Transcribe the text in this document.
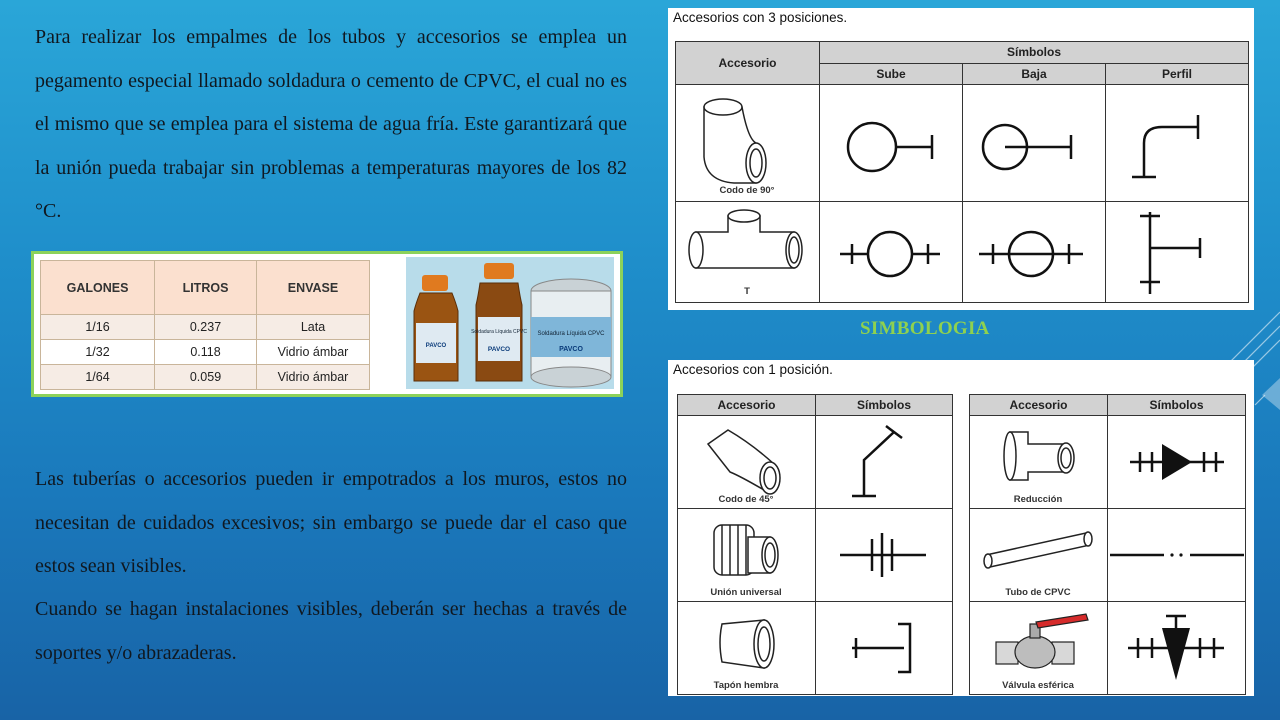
Para realizar los empalmes de los tubos y accesorios se emplea un pegamento especial llamado soldadura o cemento de CPVC, el cual no es el mismo que se emplea para el sistema de agua fría. Este garantizará que la unión pueda trabajar sin problemas a temperaturas mayores de los 82 °C.

GALONES	LITROS	ENVASE
1/16	0.237	Lata
1/32	0.118	Vidrio ámbar
1/64	0.059	Vidrio ámbar
Soldadura Líquida CPVC
PAVCO
Soldadura Líquida CPVC
PAVCO
PAVCO

Las tuberías o accesorios pueden ir empotrados a los muros, estos no necesitan de cuidados excesivos; sin embargo se puede dar el caso que estos sean visibles.

Cuando se hagan instalaciones visibles, deberán ser hechas a través de soportes y/o abrazaderas.

SIMBOLOGIA
Accesorios con 3 posiciones.
Accesorio	Símbolos		
	Sube	Baja	Perfil

Codo de 90°

T

Accesorios con 1 posición.
Accesorio	Símbolos

Codo de 45°

Unión universal

Tapón hembra

Accesorio	Símbolos

Reducción

Tubo de CPVC

Válvula esférica
